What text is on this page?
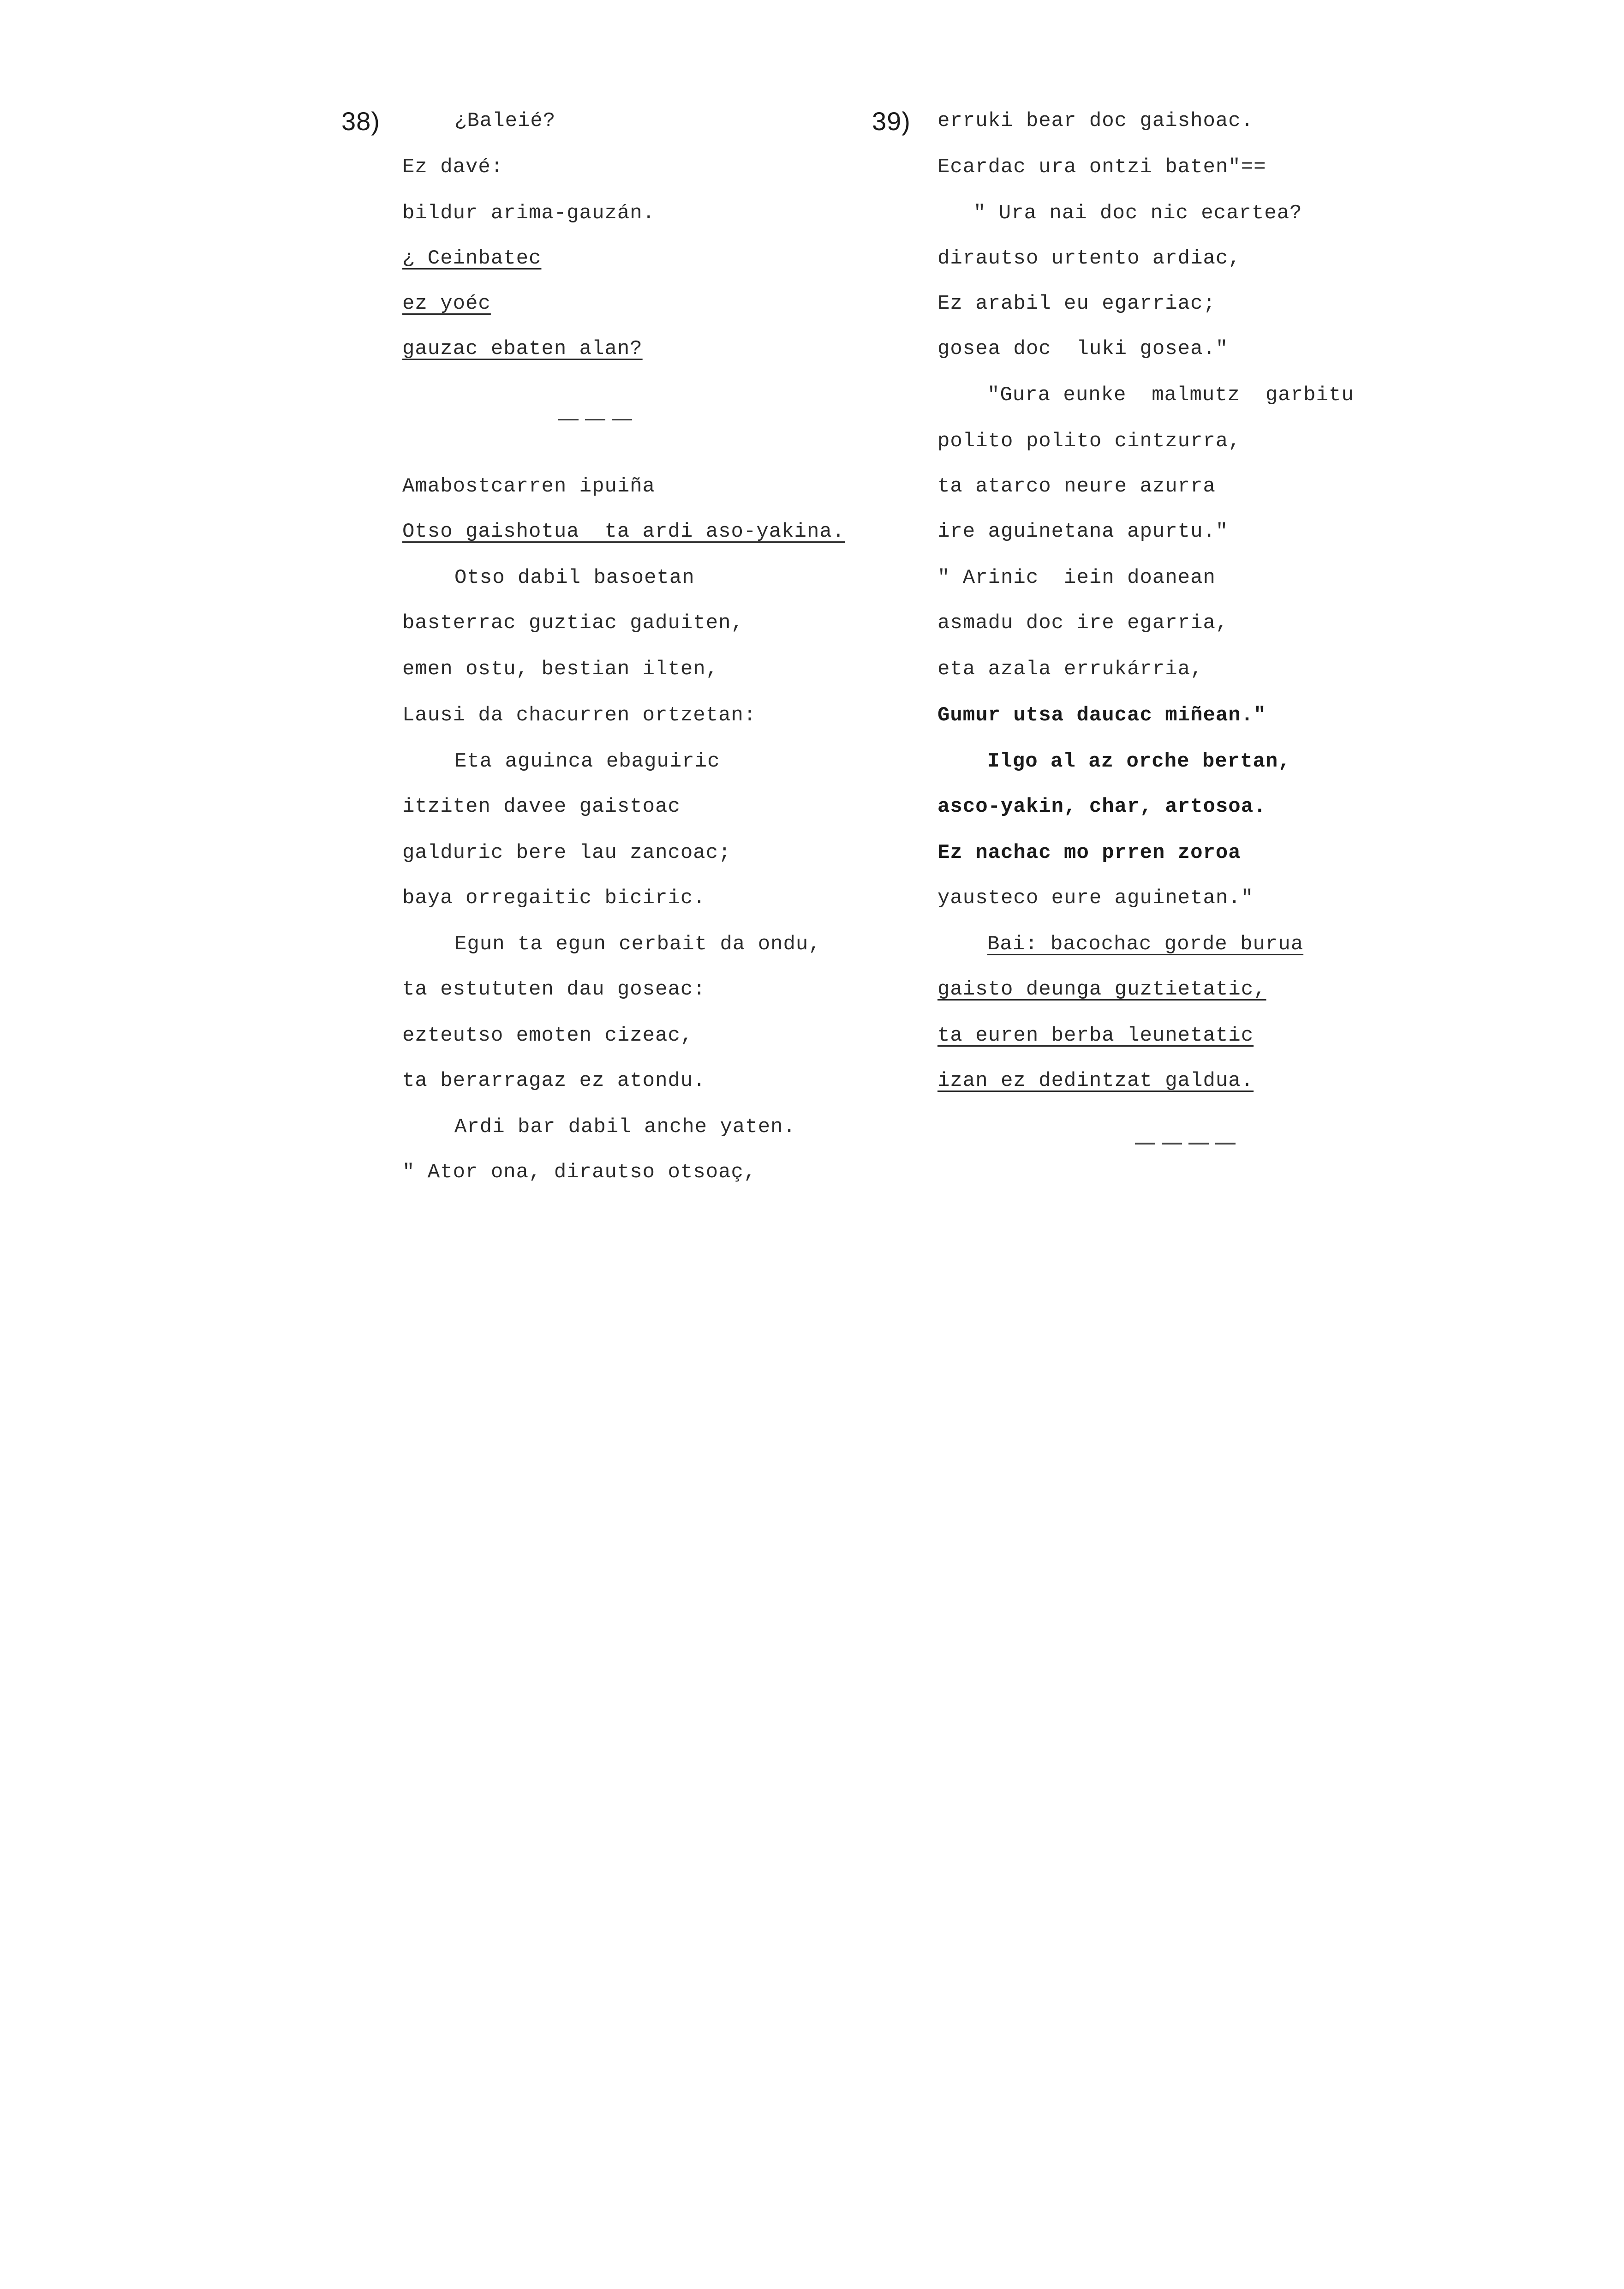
38)	¿Baleié?
Ez davé:
bildur arima-gauzán.
¿ Ceinbatec
ez yoéc
gauzac ebaten alan?
Amabostcarren ipuiña
Otso gaishotua  ta ardi aso-yakina.
Otso dabil basoetan
basterrac guztiac gaduiten,
emen ostu, bestian ilten,
Lausi da chacurren ortzetan:
Eta aguinca ebaguiric
itziten davee gaistoac
galduric bere lau zancoac;
baya orregaitic biciric.
Egun ta egun cerbait da ondu,
ta estututen dau goseac:
ezteutso emoten cizeac,
ta berarragaz ez atondu.
Ardi bar dabil anche yaten.
" Ator ona, dirautso otsoaç,
39) erruki bear doc gaishoac.
Ecardac ura ontzi baten"==
" Ura nai doc nic ecartea?
dirautso urtento ardiac,
Ez arabil eu egarriac;
gosea doc  luki gosea."
"Gura eunke  malmutz  garbitu
polito polito cintzurra,
ta atarco neure azurra
ire aguinetana apurtu."
" Arinic  iein doanean
asmadu doc ire egarria,
eta azala errukárria,
Gumur utsa daucac miñean."
Ilgo al az orche bertan,
asco-yakin, char, artosoa.
Ez nachac mo prren zoroa
yausteco eure aguinetan."
Bai: bacochac gorde burua
gaisto deunga guztietatic,
ta euren berba leunetatic
izan ez dedintzat galdua.
